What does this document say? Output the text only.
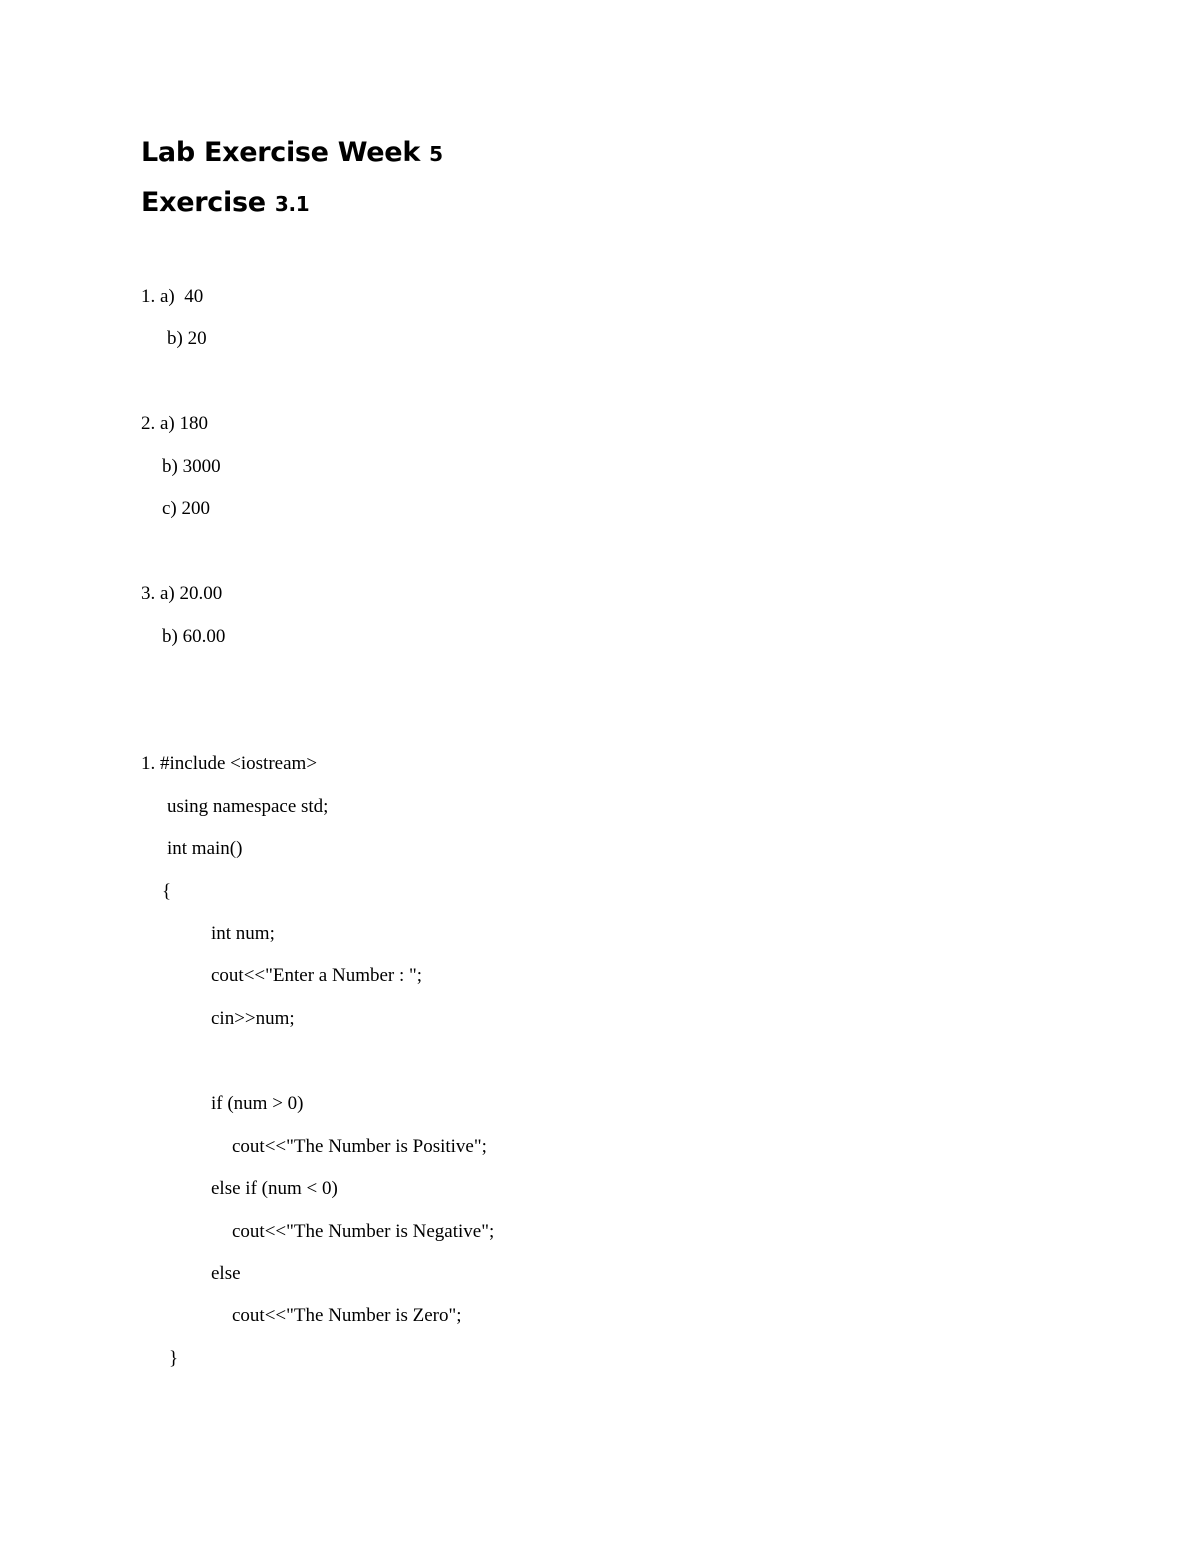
Lab Exercise Week 5
Exercise 3.1
1. a)  40
b) 20
2. a) 180
b) 3000
c) 200
3. a) 20.00
b) 60.00
1. #include <iostream>
using namespace std;
int main()
{
int num;
cout<<"Enter a Number : ";
cin>>num;
if (num > 0)
cout<<"The Number is Positive";
else if (num < 0)
cout<<"The Number is Negative";
else
cout<<"The Number is Zero";
}
